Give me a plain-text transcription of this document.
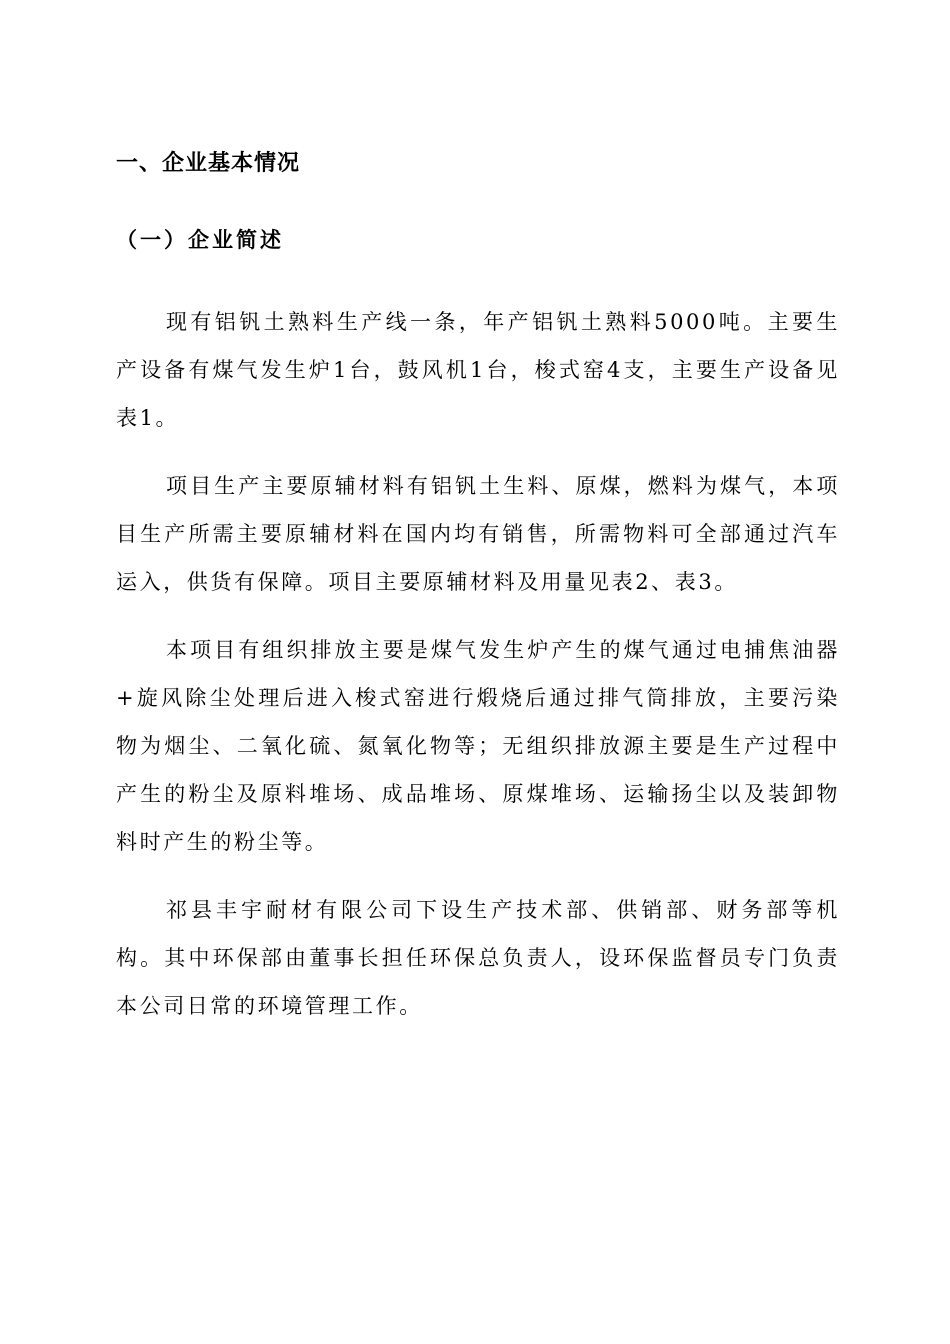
一、企业基本情况
（一）企业简述

现有铝钒土熟料生产线一条，年产铝钒土熟料5000吨。主要生产设备有煤气发生炉1台，鼓风机1台，梭式窑4支，主要生产设备见表1。

项目生产主要原辅材料有铝钒土生料、原煤，燃料为煤气，本项目生产所需主要原辅材料在国内均有销售，所需物料可全部通过汽车运入，供货有保障。项目主要原辅材料及用量见表2、表3。

本项目有组织排放主要是煤气发生炉产生的煤气通过电捕焦油器+旋风除尘处理后进入梭式窑进行煅烧后通过排气筒排放，主要污染物为烟尘、二氧化硫、氮氧化物等；无组织排放源主要是生产过程中产生的粉尘及原料堆场、成品堆场、原煤堆场、运输扬尘以及装卸物料时产生的粉尘等。

祁县丰宇耐材有限公司下设生产技术部、供销部、财务部等机构。其中环保部由董事长担任环保总负责人，设环保监督员专门负责本公司日常的环境管理工作。
